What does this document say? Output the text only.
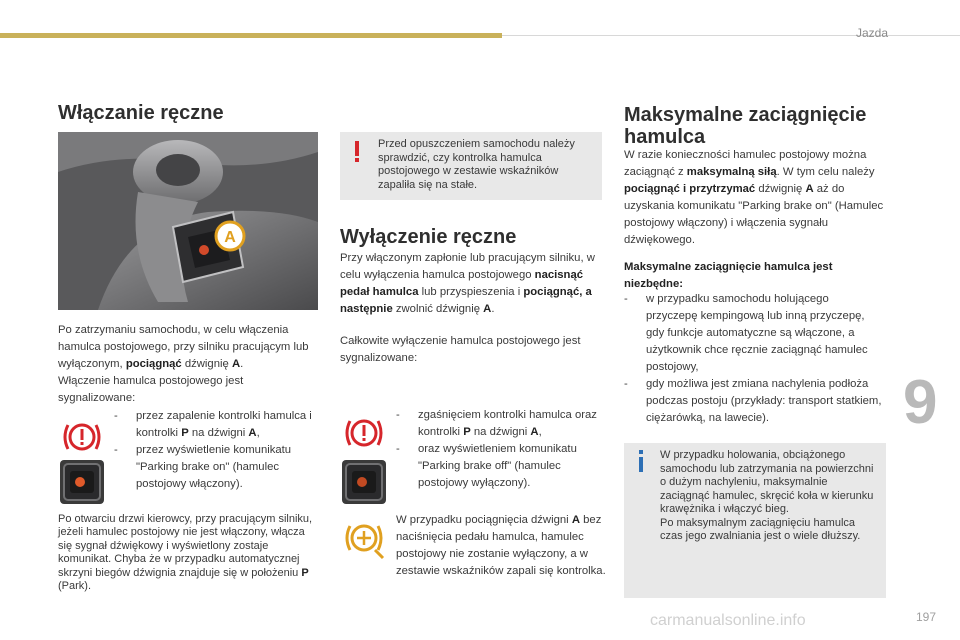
Jazda
9
Włączanie ręczne
A

Po zatrzymaniu samochodu, w celu włączenia hamulca postojowego, przy silniku pracującym lub wyłączonym, pociągnąć dźwignię A.

Włączenie hamulca postojowego jest sygnalizowane:

- przez zapalenie kontrolki hamulca i kontrolki P na dźwigni A,
- przez wyświetlenie komunikatu "Parking brake on" (hamulec postojowy włączony).

Po otwarciu drzwi kierowcy, przy pracującym silniku, jeżeli hamulec postojowy nie jest włączony, włącza się sygnał dźwiękowy i wyświetlony zostaje komunikat. Chyba że w przypadku automatycznej skrzyni biegów dźwignia znajduje się w położeniu P (Park).

Przed opuszczeniem samochodu należy sprawdzić, czy kontrolka hamulca postojowego w zestawie wskaźników zapaliła się na stałe.

Wyłączenie ręczne

Przy włączonym zapłonie lub pracującym silniku, w celu wyłączenia hamulca postojowego nacisnąć pedał hamulca lub przyspieszenia i pociągnąć, a następnie zwolnić dźwignię A.

Całkowite wyłączenie hamulca postojowego jest sygnalizowane:

- zgaśnięciem kontrolki hamulca oraz kontrolki P na dźwigni A,
- oraz wyświetleniem komunikatu "Parking brake off" (hamulec postojowy wyłączony).

W przypadku pociągnięcia dźwigni A bez naciśnięcia pedału hamulca, hamulec postojowy nie zostanie wyłączony, a w zestawie wskaźników zapali się kontrolka.

Maksymalne zaciągnięcie hamulca

W razie konieczności hamulec postojowy można zaciągnąć z maksymalną siłą. W tym celu należy pociągnąć i przytrzymać dźwignię A aż do uzyskania komunikatu "Parking brake on" (Hamulec postojowy włączony) i włączenia sygnału dźwiękowego.

Maksymalne zaciągnięcie hamulca jest niezbędne:

- w przypadku samochodu holującego przyczepę kempingową lub inną przyczepę, gdy funkcje automatyczne są włączone, a użytkownik chce ręcznie zaciągnąć hamulec postojowy,
- gdy możliwa jest zmiana nachylenia podłoża podczas postoju (przykłady: transport statkiem, ciężarówką, na lawecie).

W przypadku holowania, obciążonego samochodu lub zatrzymania na powierzchni o dużym nachyleniu, maksymalnie zaciągnąć hamulec, skręcić koła w kierunku krawężnika i włączyć bieg.
Po maksymalnym zaciągnięciu hamulca czas jego zwalniania jest o wiele dłuższy.

carmanualsonline.info	197
